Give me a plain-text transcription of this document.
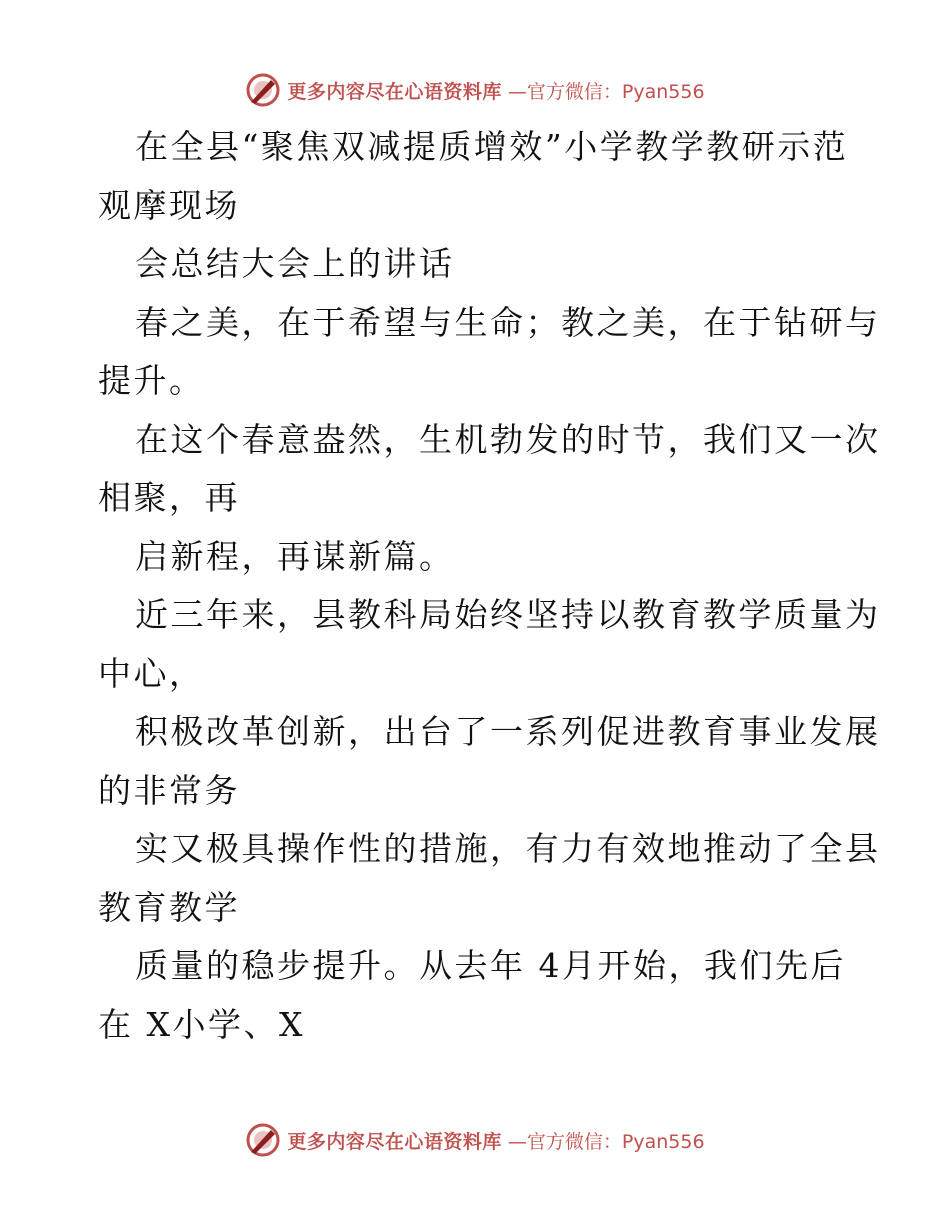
更多内容尽在心语资料库 —官方微信：Pyan556
在全县“聚焦双减提质增效”小学教学教研示范
观摩现场
会总结大会上的讲话
春之美，在于希望与生命；教之美，在于钻研与
提升。
在这个春意盎然，生机勃发的时节，我们又一次
相聚，再
启新程，再谋新篇。
近三年来，县教科局始终坚持以教育教学质量为
中心，
积极改革创新，出台了一系列促进教育事业发展
的非常务
实又极具操作性的措施，有力有效地推动了全县
教育教学
质量的稳步提升。从去年 4月开始，我们先后
在 X小学、X
更多内容尽在心语资料库 —官方微信：Pyan556
